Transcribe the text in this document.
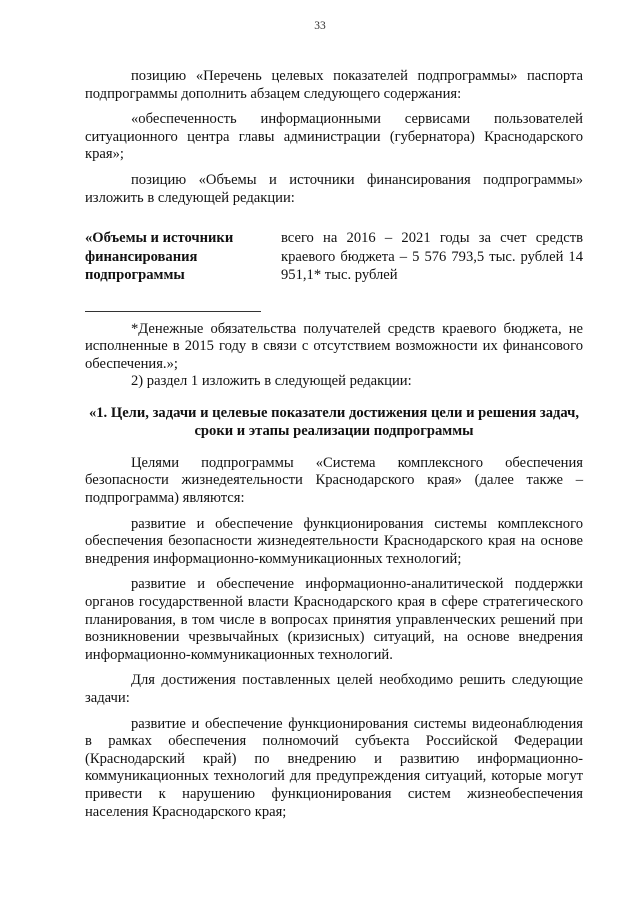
33

позицию «Перечень целевых показателей подпрограммы» паспорта подпрограммы дополнить абзацем следующего содержания:

«обеспеченность информационными сервисами пользователей ситуационного центра главы администрации (губернатора) Краснодарского края»;

позицию «Объемы и источники финансирования подпрограммы» изложить в следующей редакции:

«Объемы и источники финансирования подпрограммы
всего на 2016 – 2021 годы за счет средств краевого бюджета – 5 576 793,5 тыс. рублей 14 951,1* тыс. рублей

*Денежные обязательства получателей средств краевого бюджета, не исполненные в 2015 году в связи с отсутствием возможности их финансового обеспечения.»;

2) раздел 1 изложить в следующей редакции:

«1. Цели, задачи и целевые показатели достижения цели и решения задач, сроки и этапы реализации подпрограммы

Целями подпрограммы «Система комплексного обеспечения безопасности жизнедеятельности Краснодарского края» (далее также – подпрограмма) являются:

развитие и обеспечение функционирования системы комплексного обеспечения безопасности жизнедеятельности Краснодарского края на основе внедрения информационно-коммуникационных технологий;

развитие и обеспечение информационно-аналитической поддержки органов государственной власти Краснодарского края в сфере стратегического планирования, в том числе в вопросах принятия управленческих решений при возникновении чрезвычайных (кризисных) ситуаций, на основе внедрения информационно-коммуникационных технологий.

Для достижения поставленных целей необходимо решить следующие задачи:

развитие и обеспечение функционирования системы видеонаблюдения в рамках обеспечения полномочий субъекта Российской Федерации (Краснодарский край) по внедрению и развитию информационно-коммуникационных технологий для предупреждения ситуаций, которые могут привести к нарушению функционирования систем жизнеобеспечения населения Краснодарского края;
